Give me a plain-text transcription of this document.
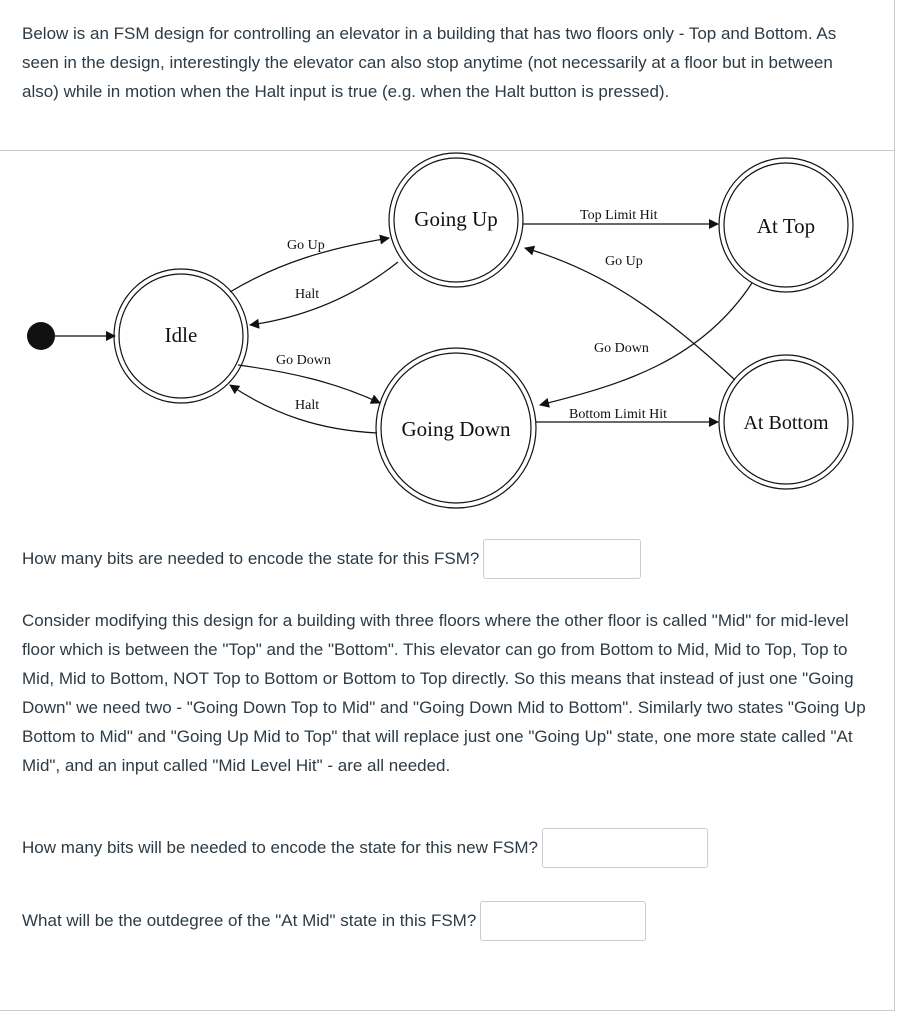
Below is an FSM design for controlling an elevator in a building that has two floors only - Top and Bottom. As seen in the design, interestingly the elevator can also stop anytime (not necessarily at a floor but in between also) while in motion when the Halt input is true (e.g. when the Halt button is pressed).

Idle
Going Up
Going Down
At Top
At Bottom
Go Up
Halt
Go Down
Halt
Top Limit Hit
Go Up
Go Down
Bottom Limit Hit
How many bits are needed to encode the state for this FSM?

Consider modifying this design for a building with three floors where the other floor is called "Mid" for mid-level floor which is between the "Top" and the "Bottom". This elevator can go from Bottom to Mid, Mid to Top, Top to Mid, Mid to Bottom, NOT Top to Bottom or Bottom to Top directly. So this means that instead of just one "Going Down" we need two - "Going Down Top to Mid" and "Going Down Mid to Bottom". Similarly two states "Going Up Bottom to Mid" and "Going Up Mid to Top" that will replace just one "Going Up" state, one more state called "At Mid", and an input called "Mid Level Hit" - are all needed.

How many bits will be needed to encode the state for this new FSM?
What will be the outdegree of the "At Mid" state in this FSM?
